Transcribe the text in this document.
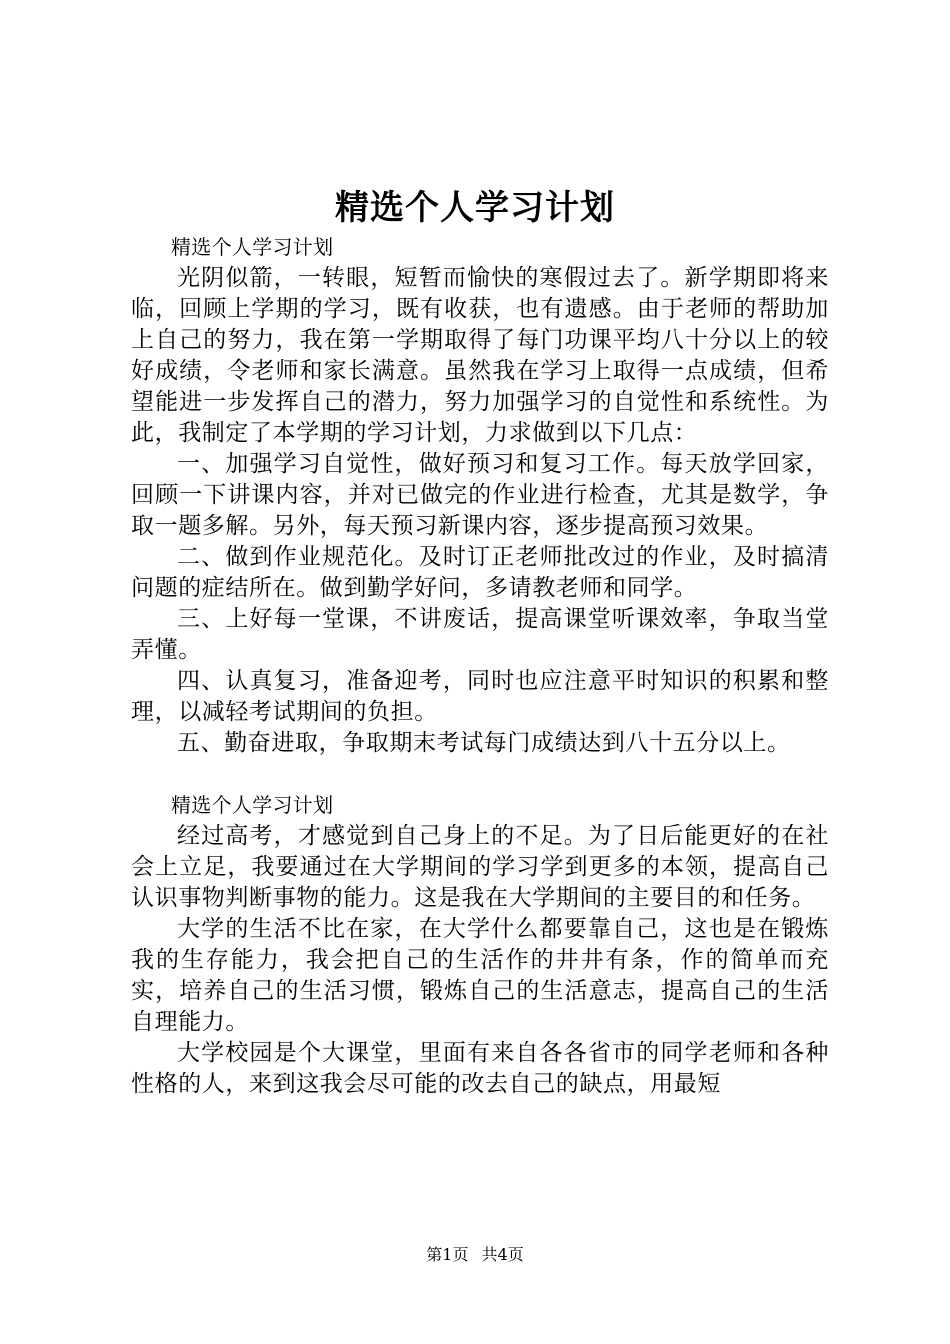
精选个人学习计划

精选个人学习计划

光阴似箭，一转眼，短暂而愉快的寒假过去了。新学期即将来临，回顾上学期的学习，既有收获，也有遗感。由于老师的帮助加上自己的努力，我在第一学期取得了每门功课平均八十分以上的较好成绩，令老师和家长满意。虽然我在学习上取得一点成绩，但希望能进一步发挥自己的潜力，努力加强学习的自觉性和系统性。为此，我制定了本学期的学习计划，力求做到以下几点：

一、加强学习自觉性，做好预习和复习工作。每天放学回家，回顾一下讲课内容，并对已做完的作业进行检查，尤其是数学，争取一题多解。另外，每天预习新课内容，逐步提高预习效果。

二、做到作业规范化。及时订正老师批改过的作业，及时搞清问题的症结所在。做到勤学好问，多请教老师和同学。

三、上好每一堂课，不讲废话，提高课堂听课效率，争取当堂弄懂。

四、认真复习，准备迎考，同时也应注意平时知识的积累和整理，以减轻考试期间的负担。

五、勤奋进取，争取期末考试每门成绩达到八十五分以上。

精选个人学习计划

经过高考，才感觉到自己身上的不足。为了日后能更好的在社会上立足，我要通过在大学期间的学习学到更多的本领，提高自己认识事物判断事物的能力。这是我在大学期间的主要目的和任务。

大学的生活不比在家，在大学什么都要靠自己，这也是在锻炼我的生存能力，我会把自己的生活作的井井有条，作的简单而充实，培养自己的生活习惯，锻炼自己的生活意志，提高自己的生活自理能力。

大学校园是个大课堂，里面有来自各各省市的同学老师和各种性格的人，来到这我会尽可能的改去自己的缺点，用最短

第1页 共4页
